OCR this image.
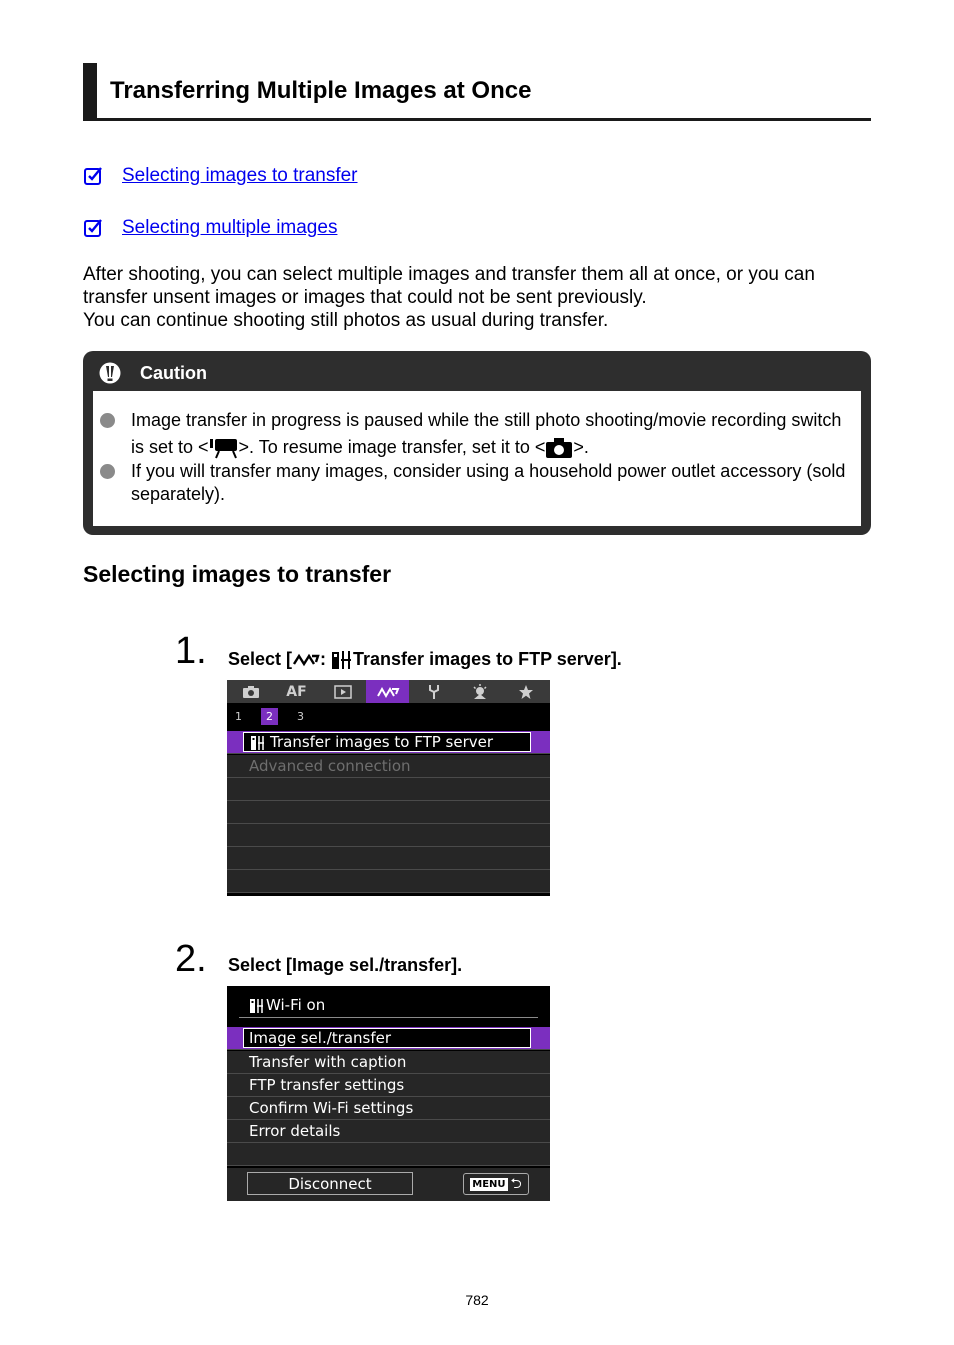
Transferring Multiple Images at Once
Selecting images to transfer
Selecting multiple images

After shooting, you can select multiple images and transfer them all at once, or you can transfer unsent images or images that could not be sent previously.

You can continue shooting still photos as usual during transfer.

Caution
Image transfer in progress is paused while the still photo shooting/movie recording switch is set to < >. To resume image transfer, set it to < >.
If you will transfer many images, consider using a household power outlet accessory (sold separately).
Selecting images to transfer
1. Select [ : Transfer images to FTP server].
AF
1	2	3
Transfer images to FTP server
Advanced connection
2. Select [Image sel./transfer].
Wi-Fi on
Image sel./transfer
Transfer with caption
FTP transfer settings
Confirm Wi-Fi settings
Error details
Disconnect	MENU ⮌
782
